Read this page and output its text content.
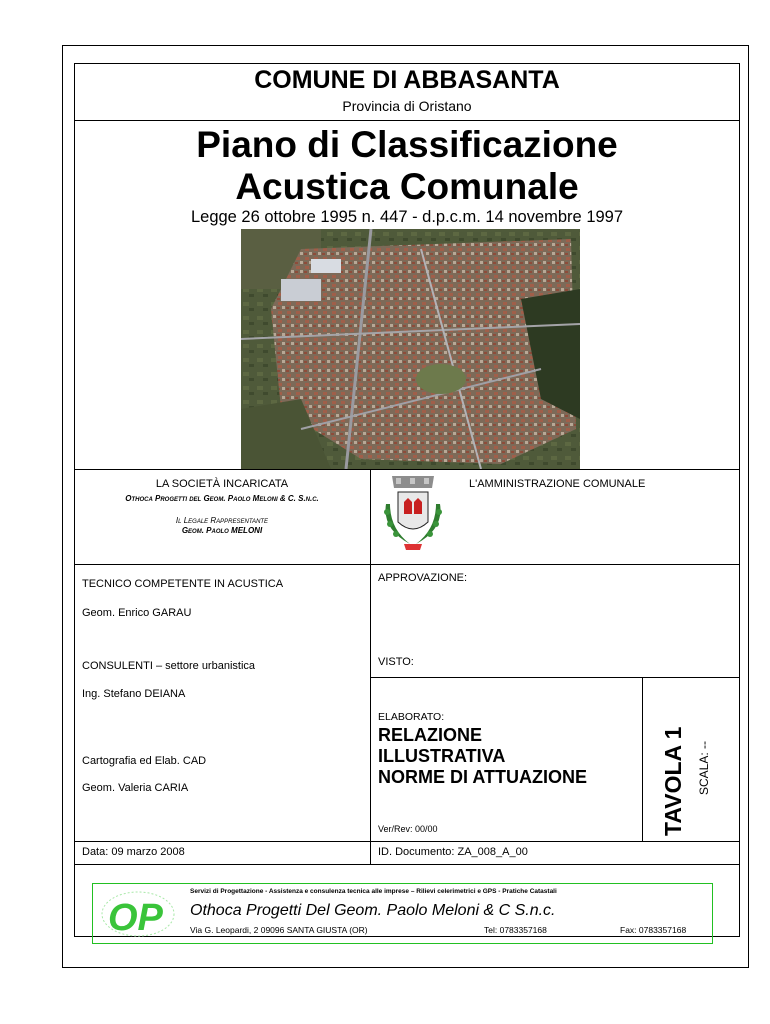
COMUNE DI ABBASANTA
Provincia di Oristano
Piano di Classificazione
Acustica Comunale
Legge 26 ottobre 1995 n. 447 - d.p.c.m. 14 novembre 1997
LA SOCIETÀ INCARICATA
Othoca Progetti del Geom. Paolo Meloni & C. S.n.c.
Il Legale Rappresentante
Geom. Paolo MELONI
L'AMMINISTRAZIONE COMUNALE
TECNICO COMPETENTE IN ACUSTICA
Geom. Enrico GARAU
CONSULENTI – settore urbanistica
Ing. Stefano DEIANA
Cartografia ed Elab. CAD
Geom. Valeria CARIA
APPROVAZIONE:
VISTO:
ELABORATO:
RELAZIONE
ILLUSTRATIVA
NORME DI ATTUAZIONE
Ver/Rev: 00/00	TAVOLA 1 SCALA: --
Data: 09 marzo 2008	ID. Documento: ZA_008_A_00
OP
Servizi di Progettazione - Assistenza e consulenza tecnica alle imprese – Rilievi celerimetrici e GPS - Pratiche Catastali
Othoca Progetti Del Geom. Paolo Meloni & C S.n.c.
Via G. Leopardi, 2 09096 SANTA GIUSTA (OR)	Tel: 0783357168	Fax: 0783357168
